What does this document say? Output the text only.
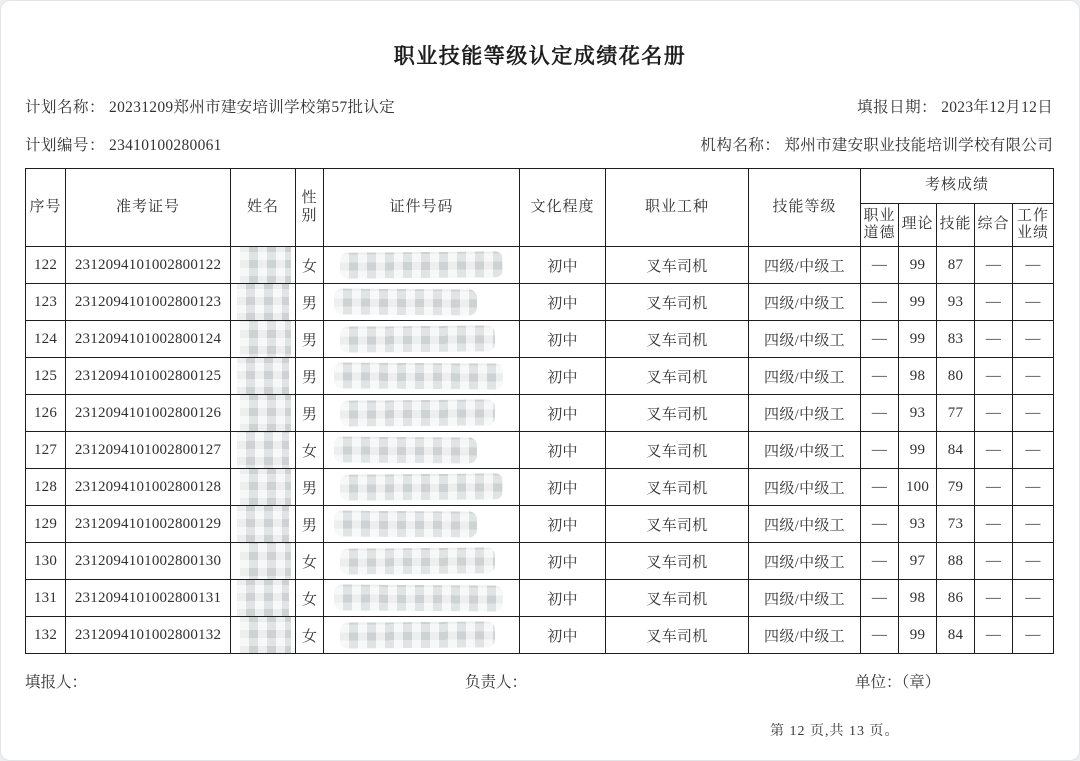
职业技能等级认定成绩花名册
计划名称： 20231209郑州市建安培训学校第57批认定	填报日期： 2023年12月12日
计划编号： 23410100280061	机构名称： 郑州市建安职业技能培训学校有限公司
序号	准考证号	姓名	性别	证件号码	文化程度	职业工种	技能等级	考核成绩				
								职业道德	理论	技能	综合	工作业绩
122	2312094101002800122		女		初中	叉车司机	四级/中级工	—	99	87	—	—
123	2312094101002800123		男		初中	叉车司机	四级/中级工	—	99	93	—	—
124	2312094101002800124		男		初中	叉车司机	四级/中级工	—	99	83	—	—
125	2312094101002800125		男		初中	叉车司机	四级/中级工	—	98	80	—	—
126	2312094101002800126		男		初中	叉车司机	四级/中级工	—	93	77	—	—
127	2312094101002800127		女		初中	叉车司机	四级/中级工	—	99	84	—	—
128	2312094101002800128		男		初中	叉车司机	四级/中级工	—	100	79	—	—
129	2312094101002800129		男		初中	叉车司机	四级/中级工	—	93	73	—	—
130	2312094101002800130		女		初中	叉车司机	四级/中级工	—	97	88	—	—
131	2312094101002800131		女		初中	叉车司机	四级/中级工	—	98	86	—	—
132	2312094101002800132		女		初中	叉车司机	四级/中级工	—	99	84	—	—
填报人：	负责人：	单位：（章）
第 12 页,共 13 页。
